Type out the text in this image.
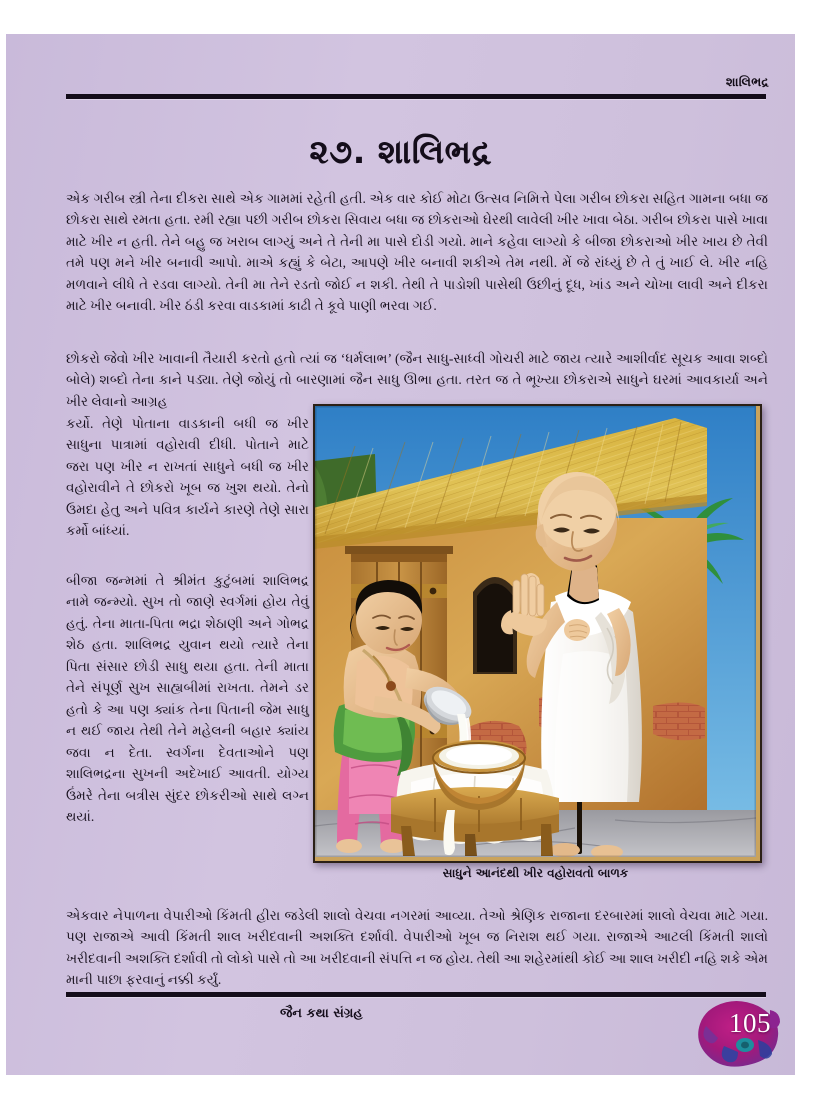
શાલિભદ્ર
૨૭. શાલિભદ્ર

એક ગરીબ સ્ત્રી તેના દીકરા સાથે એક ગામમાં રહેતી હતી. એક વાર કોઈ મોટા ઉત્સવ નિમિત્તે પેલા ગરીબ છોકરા સહિત ગામના બધા જ છોકરા સાથે રમતા હતા. રમી રહ્યા પછી ગરીબ છોકરા સિવાય બધા જ છોકરાઓ ઘેરથી લાવેલી ખીર ખાવા બેઠા. ગરીબ છોકરા પાસે ખાવા માટે ખીર ન હતી. તેને બહુ જ ખરાબ લાગ્યું અને તે તેની મા પાસે દોડી ગયો. માને કહેવા લાગ્યો કે બીજા છોકરાઓ ખીર ખાય છે તેવી તમે પણ મને ખીર બનાવી આપો. માએ કહ્યું કે બેટા, આપણે ખીર બનાવી શકીએ તેમ નથી. મેં જે રાંધ્યું છે તે તું ખાઈ લે. ખીર નહિ મળવાને લીધે તે રડવા લાગ્યો. તેની મા તેને રડતો જોઈ ન શકી. તેથી તે પાડોશી પાસેથી ઉછીનું દૂધ, ખાંડ અને ચોખા લાવી અને દીકરા માટે ખીર બનાવી. ખીર ઠંડી કરવા વાડકામાં કાઢી તે કૂવે પાણી ભરવા ગઈ.

છોકરો જેવો ખીર ખાવાની તૈયારી કરતો હતો ત્યાં જ ‘ધર્મલાભ’ (જૈન સાધુ-સાધ્વી ગોચરી માટે જાય ત્યારે આશીર્વાદ સૂચક આવા શબ્દો બોલે) શબ્દો તેના કાને પડ્યા. તેણે જોયું તો બારણામાં જૈન સાધુ ઊભા હતા. તરત જ તે ભૂખ્યા છોકરાએ સાધુને ઘરમાં આવકાર્યા અને ખીર લેવાનો આગ્રહ

કર્યો. તેણે પોતાના વાડકાની બધી જ ખીર સાધુના પાત્રામાં વહોરાવી દીધી. પોતાને માટે જરા પણ ખીર ન રાખતાં સાધુને બધી જ ખીર વહોરાવીને તે છોકરો ખૂબ જ ખુશ થયો. તેનો ઉમદા હેતુ અને પવિત્ર કાર્યને કારણે તેણે સારા કર્મો બાંધ્યાં.

બીજા જન્મમાં તે શ્રીમંત કુટુંબમાં શાલિભદ્ર નામે જન્મ્યો. સુખ તો જાણે સ્વર્ગમાં હોય તેવું હતું. તેના માતા-પિતા ભદ્રા શેઠાણી અને ગોભદ્ર શેઠ હતા. શાલિભદ્ર યુવાન થયો ત્યારે તેના પિતા સંસાર છોડી સાધુ થયા હતા. તેની માતા તેને સંપૂર્ણ સુખ સાહ્યબીમાં રાખતા. તેમને ડર હતો કે આ પણ ક્યાંક તેના પિતાની જેમ સાધુ ન થઈ જાય તેથી તેને મહેલની બહાર ક્યાંય જવા ન દેતા. સ્વર્ગના દેવતાઓને પણ શાલિભદ્રના સુખની અદેખાઈ આવતી. યોગ્ય ઉંમરે તેના બત્રીસ સુંદર છોકરીઓ સાથે લગ્ન થયાં.

સાધુને આનંદથી ખીર વહોરાવતો બાળક

એકવાર નેપાળના વેપારીઓ કિંમતી હીરા જડેલી શાલો વેચવા નગરમાં આવ્યા. તેઓ શ્રેણિક રાજાના દરબારમાં શાલો વેચવા માટે ગયા. પણ રાજાએ આવી કિંમતી શાલ ખરીદવાની અશક્તિ દર્શાવી. વેપારીઓ ખૂબ જ નિરાશ થઈ ગયા. રાજાએ આટલી કિંમતી શાલો ખરીદવાની અશક્તિ દર્શાવી તો લોકો પાસે તો આ ખરીદવાની સંપત્તિ ન જ હોય. તેથી આ શહેરમાંથી કોઈ આ શાલ ખરીદી નહિ શકે એમ માની પાછા ફરવાનું નક્કી કર્યું.

જૈન કથા સંગ્રહ	105
